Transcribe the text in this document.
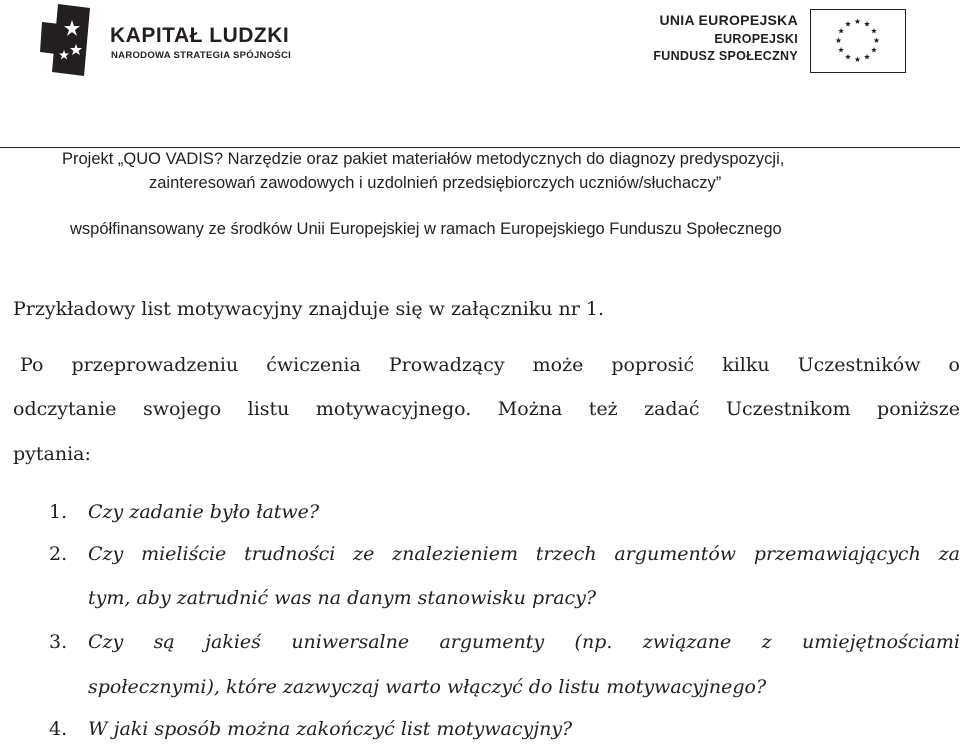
KAPITAŁ LUDZKI
NARODOWA STRATEGIA SPÓJNOŚCI
UNIA EUROPEJSKA
EUROPEJSKI
FUNDUSZ SPOŁECZNY
Projekt „QUO VADIS? Narzędzie oraz pakiet materiałów metodycznych do diagnozy predyspozycji,
zainteresowań zawodowych i uzdolnień przedsiębiorczych uczniów/słuchaczy”
współfinansowany ze środków Unii Europejskiej w ramach Europejskiego Funduszu Społecznego
Przykładowy list motywacyjny znajduje się w załączniku nr 1.
Po przeprowadzeniu ćwiczenia Prowadzący może poprosić kilku Uczestników o
odczytanie swojego listu motywacyjnego. Można też zadać Uczestnikom poniższe
pytania:
1. Czy zadanie było łatwe?
2. Czy mieliście trudności ze znalezieniem trzech argumentów przemawiających za
tym, aby zatrudnić was na danym stanowisku pracy?
3. Czy są jakieś uniwersalne argumenty (np. związane z umiejętnościami
społecznymi), które zazwyczaj warto włączyć do listu motywacyjnego?
4. W jaki sposób można zakończyć list motywacyjny?
